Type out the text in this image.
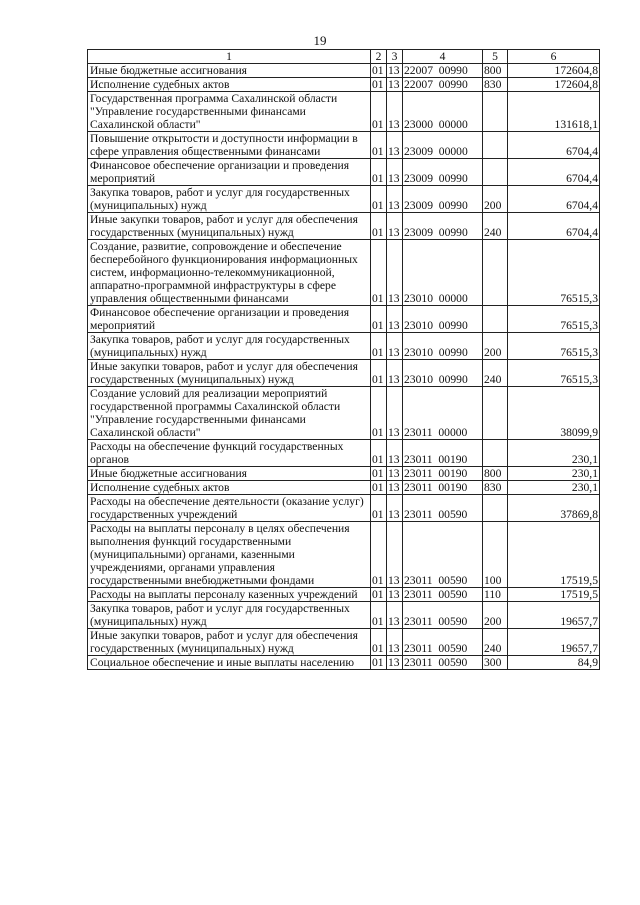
19
1	2	3	4	5	6
Иные бюджетные ассигнования	01	13	22007  00990	800	172604,8
Исполнение судебных актов	01	13	22007  00990	830	172604,8
Государственная программа Сахалинской области "Управление государственными финансами Сахалинской области"	01	13	23000  00000		131618,1
Повышение открытости и доступности информации в сфере управления общественными финансами	01	13	23009  00000		6704,4
Финансовое обеспечение организации и проведения мероприятий	01	13	23009  00990		6704,4
Закупка товаров, работ и услуг для государственных (муниципальных) нужд	01	13	23009  00990	200	6704,4
Иные закупки товаров, работ и услуг для обеспечения государственных (муниципальных) нужд	01	13	23009  00990	240	6704,4
Создание, развитие, сопровождение и обеспечение бесперебойного функционирования информационных систем, информационно-телекоммуникационной, аппаратно-программной инфраструктуры в сфере управления общественными финансами	01	13	23010  00000		76515,3
Финансовое обеспечение организации и проведения мероприятий	01	13	23010  00990		76515,3
Закупка товаров, работ и услуг для государственных (муниципальных) нужд	01	13	23010  00990	200	76515,3
Иные закупки товаров, работ и услуг для обеспечения государственных (муниципальных) нужд	01	13	23010  00990	240	76515,3
Создание условий для реализации мероприятий государственной программы Сахалинской области "Управление государственными финансами Сахалинской области"	01	13	23011  00000		38099,9
Расходы на обеспечение функций государственных органов	01	13	23011  00190		230,1
Иные бюджетные ассигнования	01	13	23011  00190	800	230,1
Исполнение судебных актов	01	13	23011  00190	830	230,1
Расходы на обеспечение деятельности (оказание услуг) государственных учреждений	01	13	23011  00590		37869,8
Расходы на выплаты персоналу в целях обеспечения выполнения функций государственными (муниципальными) органами, казенными учреждениями, органами управления государственными внебюджетными фондами	01	13	23011  00590	100	17519,5
Расходы на выплаты персоналу казенных учреждений	01	13	23011  00590	110	17519,5
Закупка товаров, работ и услуг для государственных (муниципальных) нужд	01	13	23011  00590	200	19657,7
Иные закупки товаров, работ и услуг для обеспечения государственных (муниципальных) нужд	01	13	23011  00590	240	19657,7
Социальное обеспечение и иные выплаты населению	01	13	23011  00590	300	84,9
